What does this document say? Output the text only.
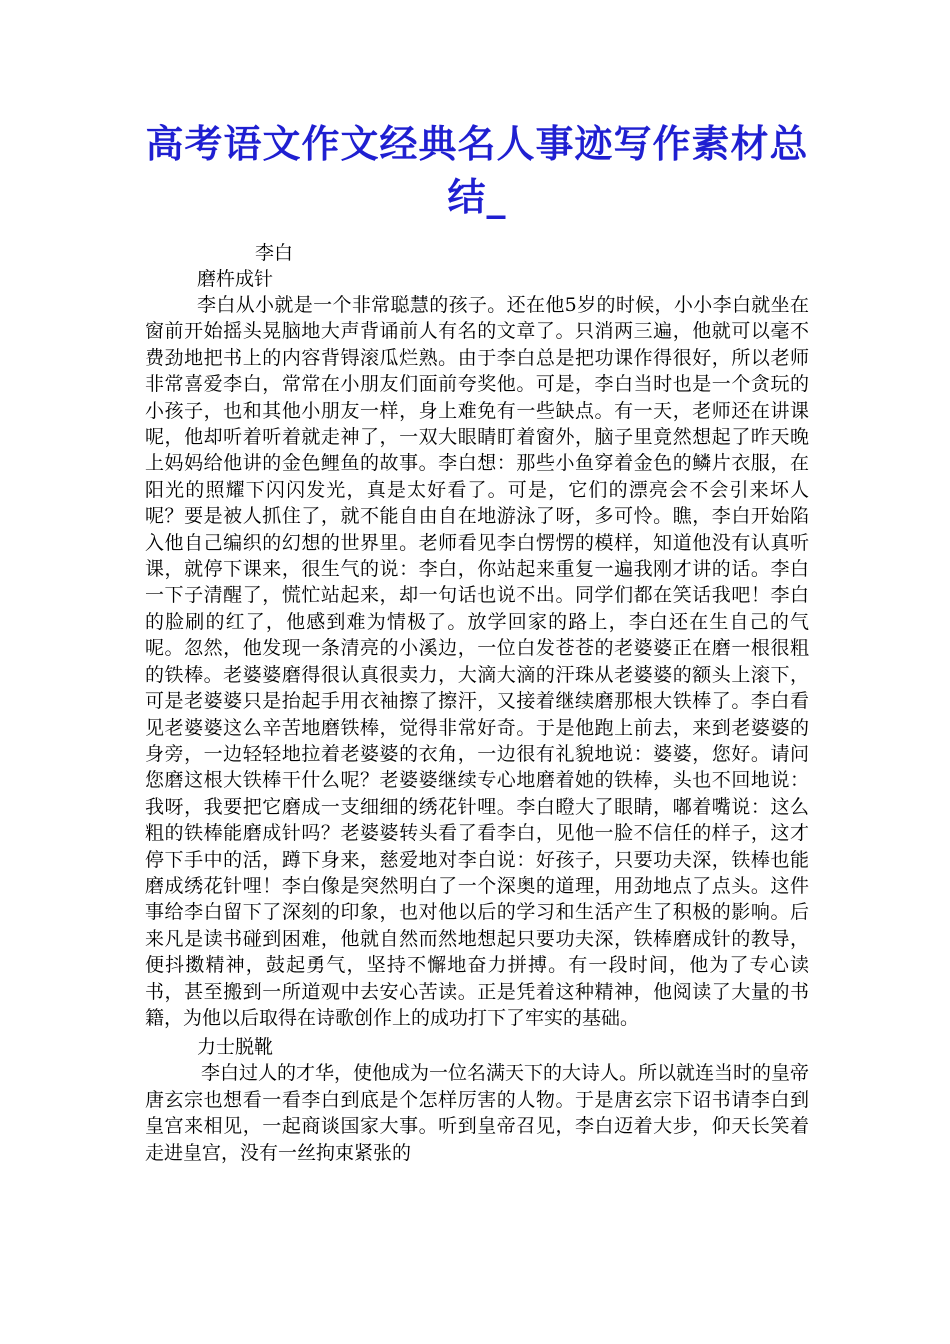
高考语文作文经典名人事迹写作素材总结_
李白
磨杵成针

李白从小就是一个非常聪慧的孩子。还在他5岁的时候，小小李白就坐在窗前开始摇头晃脑地大声背诵前人有名的文章了。只消两三遍，他就可以毫不费劲地把书上的内容背锝滚瓜烂熟。由于李白总是把功课作得很好，所以老师非常喜爱李白，常常在小朋友们面前夸奖他。可是，李白当时也是一个贪玩的小孩子，也和其他小朋友一样，身上难免有一些缺点。有一天，老师还在讲课呢，他却听着听着就走神了，一双大眼睛盯着窗外，脑子里竟然想起了昨天晚上妈妈给他讲的金色鲤鱼的故事。李白想：那些小鱼穿着金色的鳞片衣服，在阳光的照耀下闪闪发光，真是太好看了。可是，它们的漂亮会不会引来坏人呢？要是被人抓住了，就不能自由自在地游泳了呀，多可怜。瞧，李白开始陷入他自己编织的幻想的世界里。老师看见李白愣愣的模样，知道他没有认真听课，就停下课来，很生气的说：李白，你站起来重复一遍我刚才讲的话。李白一下子清醒了，慌忙站起来，却一句话也说不出。同学们都在笑话我吧！李白的脸刷的红了，他感到难为情极了。放学回家的路上，李白还在生自己的气呢。忽然，他发现一条清亮的小溪边，一位白发苍苍的老婆婆正在磨一根很粗的铁棒。老婆婆磨得很认真很卖力，大滴大滴的汗珠从老婆婆的额头上滚下，可是老婆婆只是抬起手用衣袖擦了擦汗，又接着继续磨那根大铁棒了。李白看见老婆婆这么辛苦地磨铁棒，觉得非常好奇。于是他跑上前去，来到老婆婆的身旁，一边轻轻地拉着老婆婆的衣角，一边很有礼貌地说：婆婆，您好。请问您磨这根大铁棒干什么呢？老婆婆继续专心地磨着她的铁棒，头也不回地说：我呀，我要把它磨成一支细细的绣花针哩。李白瞪大了眼睛，嘟着嘴说：这么粗的铁棒能磨成针吗？老婆婆转头看了看李白，见他一脸不信任的样子，这才停下手中的活，蹲下身来，慈爱地对李白说：好孩子，只要功夫深，铁棒也能磨成绣花针哩！李白像是突然明白了一个深奥的道理，用劲地点了点头。这件事给李白留下了深刻的印象，也对他以后的学习和生活产生了积极的影响。后来凡是读书碰到困难，他就自然而然地想起只要功夫深，铁棒磨成针的教导，便抖擞精神，鼓起勇气，坚持不懈地奋力拼搏。有一段时间，他为了专心读书，甚至搬到一所道观中去安心苦读。正是凭着这种精神，他阅读了大量的书籍，为他以后取得在诗歌创作上的成功打下了牢实的基础。

力士脱靴

李白过人的才华，使他成为一位名满天下的大诗人。所以就连当时的皇帝唐玄宗也想看一看李白到底是个怎样厉害的人物。于是唐玄宗下诏书请李白到皇宫来相见，一起商谈国家大事。听到皇帝召见，李白迈着大步，仰天长笑着走进皇宫，没有一丝拘束紧张的
